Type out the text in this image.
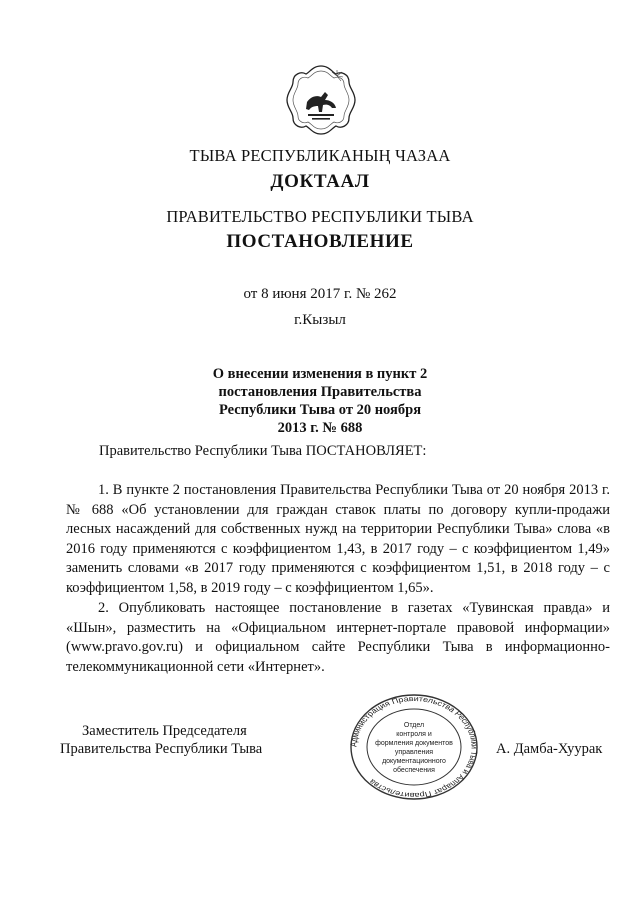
ТЫВА РЕСПУБЛИКАНЫҢ ЧАЗАА
ДОКТААЛ
ПРАВИТЕЛЬСТВО РЕСПУБЛИКИ ТЫВА
ПОСТАНОВЛЕНИЕ
от 8 июня 2017 г. № 262
г.Кызыл
О внесении изменения в пункт 2
постановления Правительства
Республики Тыва от 20 ноября
2013 г. № 688
Правительство Республики Тыва ПОСТАНОВЛЯЕТ:
1. В пункте 2 постановления Правительства Республики Тыва от 20 ноября 2013 г. № 688 «Об установлении для граждан ставок платы по договору купли-продажи лесных насаждений для собственных нужд на территории Республики Тыва» слова «в 2016 году применяются с коэффициентом 1,43, в 2017 году – с коэффициентом 1,49» заменить словами «в 2017 году применяются с коэффициентом 1,51, в 2018 году – с коэффициентом 1,58, в 2019 году – с коэффициентом 1,65».
2. Опубликовать настоящее постановление в газетах «Тувинская правда» и «Шын», разместить на «Официальном интернет-портале правовой информации» (www.pravo.gov.ru) и официальном сайте Республики Тыва в информационно-телекоммуникационной сети «Интернет».
Заместитель Председателя
Правительства Республики Тыва	А. Дамба-Хуурак
Администрация Правительства Республики Тыва и Аппарат Правительства
Отдел
контроля и
формления документов
управления
документационного
обеспечения
